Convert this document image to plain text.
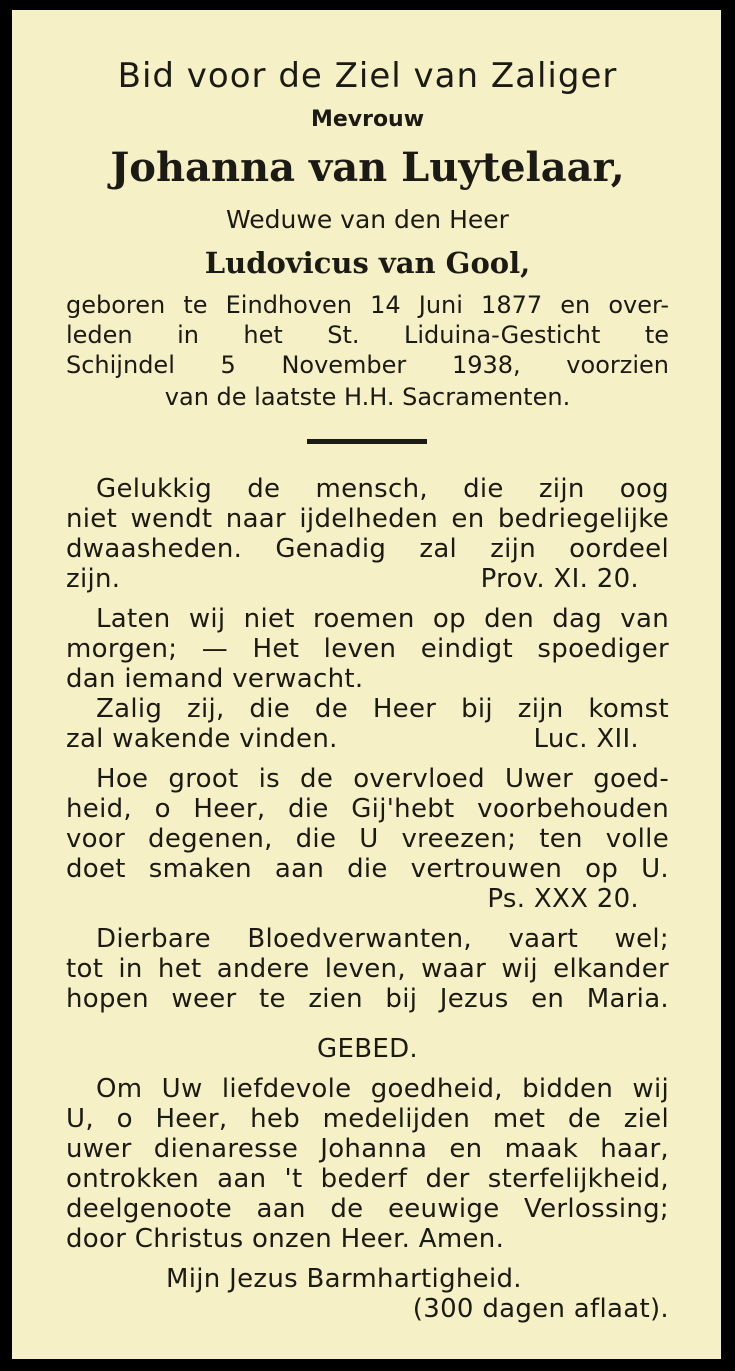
Bid voor de Ziel van Zaliger
Mevrouw
Johanna van Luytelaar,
Weduwe van den Heer
Ludovicus van Gool,
geboren te Eindhoven 14 Juni 1877 en over-
leden in het St. Liduina-Gesticht te
Schijndel 5 November 1938, voorzien
van de laatste H.H. Sacramenten.
Gelukkig de mensch, die zijn oog
niet wendt naar ijdelheden en bedriegelijke
dwaasheden. Genadig zal zijn oordeel
zijn.	Prov. XI. 20.
Laten wij niet roemen op den dag van
morgen; — Het leven eindigt spoediger
dan iemand verwacht.
Zalig zij, die de Heer bij zijn komst
zal wakende vinden.	Luc. XII.
Hoe groot is de overvloed Uwer goed-
heid, o Heer, die Gij'hebt voorbehouden
voor degenen, die U vreezen; ten volle
doet smaken aan die vertrouwen op U.
Ps. XXX 20.
Dierbare Bloedverwanten, vaart wel;
tot in het andere leven, waar wij elkander
hopen weer te zien bij Jezus en Maria.
GEBED.
Om Uw liefdevole goedheid, bidden wij
U, o Heer, heb medelijden met de ziel
uwer dienaresse Johanna en maak haar,
ontrokken aan 't bederf der sterfelijkheid,
deelgenoote aan de eeuwige Verlossing;
door Christus onzen Heer. Amen.
Mijn Jezus Barmhartigheid.
(300 dagen aflaat).
